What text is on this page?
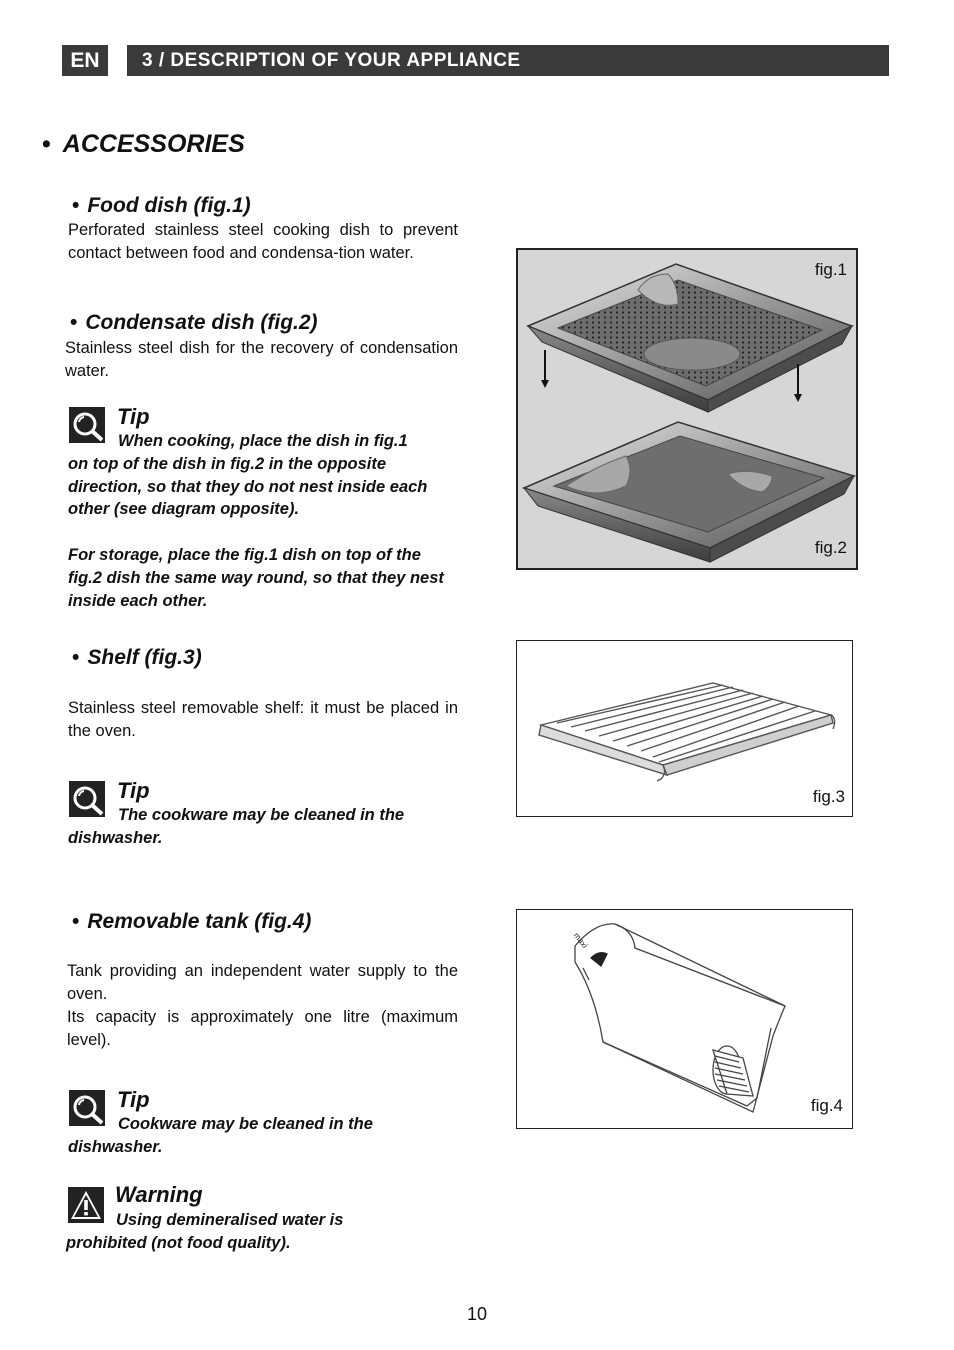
EN	3 / DESCRIPTION OF YOUR APPLIANCE
• ACCESSORIES
• Food dish (fig.1)
Perforated stainless steel cooking dish to prevent contact between food and condensa-tion water.
• Condensate dish (fig.2)
Stainless steel dish for the recovery of condensation water.
Tip
When cooking, place the dish in fig.1
on top of the dish in fig.2 in the opposite direction, so that they do not nest inside each other (see diagram opposite).
For storage, place the fig.1 dish on top of the fig.2 dish the same way round, so that they nest inside each other.
• Shelf (fig.3)
Stainless steel removable shelf: it must be placed in the oven.
Tip
The cookware may be cleaned in the
dishwasher.
• Removable tank (fig.4)
Tank providing an independent water supply to the oven.
Its capacity is approximately one litre (maximum level).
Tip
Cookware may be cleaned in the
dishwasher.
Warning
Using demineralised water is
prohibited (not food quality).
fig.1
fig.2
fig.3
maxi
fig.4
10
